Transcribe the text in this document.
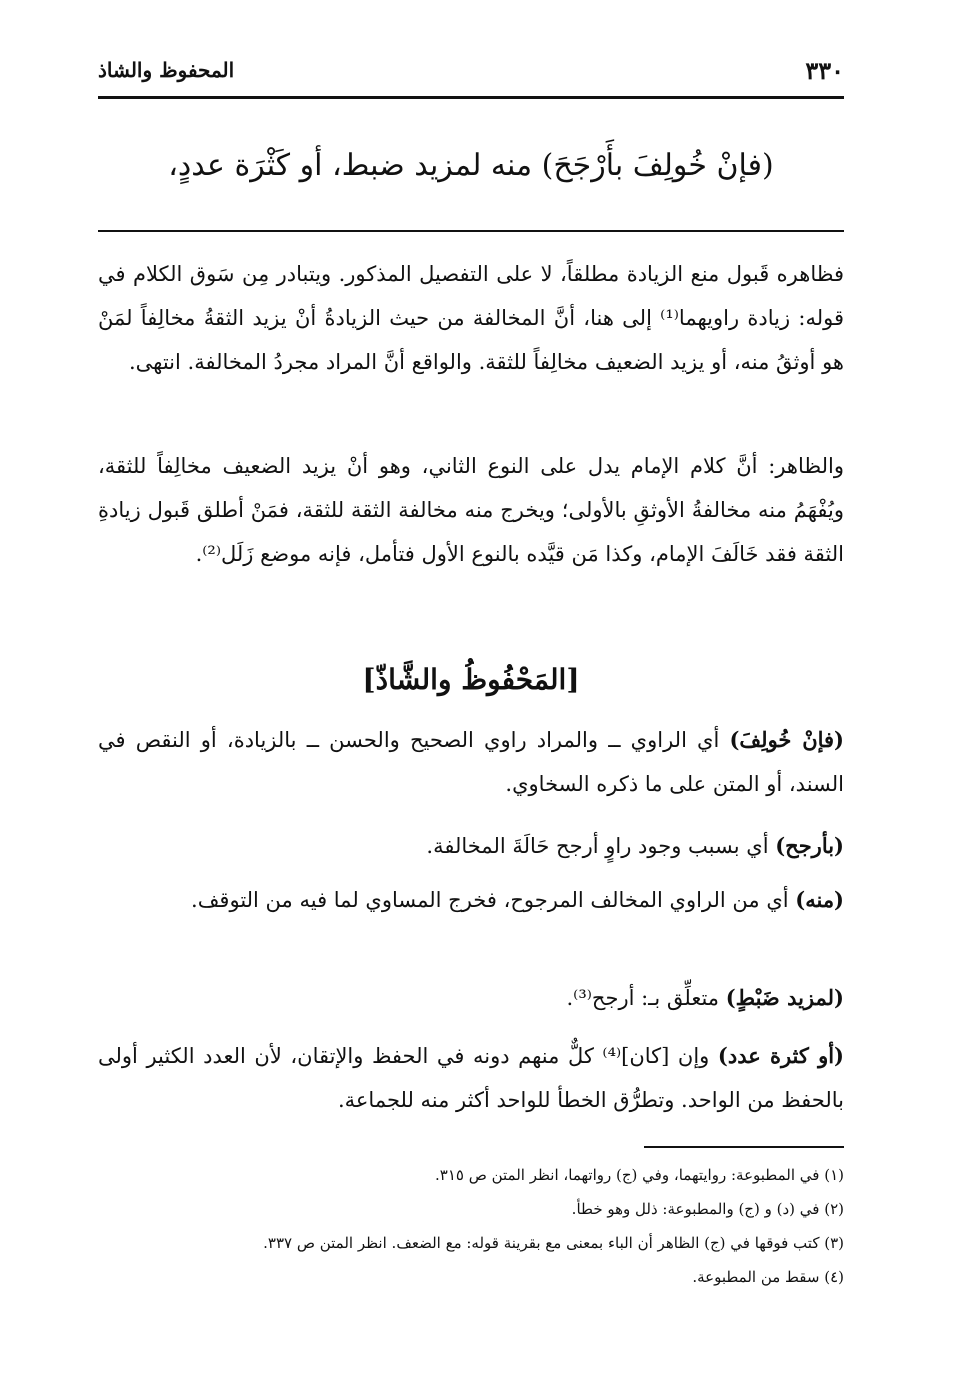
٣٣٠
المحفوظ والشاذ
(فإنْ خُولِفَ بأَرْجَحَ) منه لمزيد ضبط، أو كَثْرَة عددٍ،

فظاهره قَبول منع الزيادة مطلقاً، لا على التفصيل المذكور. ويتبادر مِن سَوق الكلام في قوله: زيادة راويهما⁽¹⁾ إلى هنا، أنَّ المخالفة من حيث الزيادةُ أنْ يزيد الثقةُ مخالِفاً لمَنْ هو أوثقُ منه، أو يزيد الضعيف مخالِفاً للثقة. والواقع أنَّ المراد مجردُ المخالفة. انتهى.

والظاهر: أنَّ كلام الإمام يدل على النوع الثاني، وهو أنْ يزيد الضعيف مخالِفاً للثقة، ويُفْهَمُ منه مخالفةُ الأوثقِ بالأولى؛ ويخرج منه مخالفة الثقة للثقة، فمَنْ أطلق قَبول زيادةِ الثقة فقد خَالَفَ الإمام، وكذا مَن قيَّده بالنوع الأول فتأمل، فإنه موضع زَلَل⁽²⁾.

[المَحْفُوظُ والشَّاذّ]

(فإنْ خُولِفَ) أي الراوي ــ والمراد راوي الصحيح والحسن ــ بالزيادة، أو النقص في السند، أو المتن على ما ذكره السخاوي.

(بأرجح) أي بسبب وجود راوٍ أرجح حَالَةَ المخالفة.

(منه) أي من الراوي المخالف المرجوح، فخرج المساوي لما فيه من التوقف.

(لمزيد ضَبْطٍ) متعلِّق بـ: أرجح⁽³⁾.

(أو كثرة عدد) وإن [كان]⁽⁴⁾ كلٌّ منهم دونه في الحفظ والإتقان، لأن العدد الكثير أولى بالحفظ من الواحد. وتطرُّق الخطأ للواحد أكثر منه للجماعة.

(١) في المطبوعة: روايتهما، وفي (ج) رواتهما، انظر المتن ص ٣١٥.
(٢) في (د) و (ج) والمطبوعة: ذلل وهو خطأ.
(٣) كتب فوقها في (ج) الظاهر أن الباء بمعنى مع بقرينة قوله: مع الضعف. انظر المتن ص ٣٣٧.
(٤) سقط من المطبوعة.
